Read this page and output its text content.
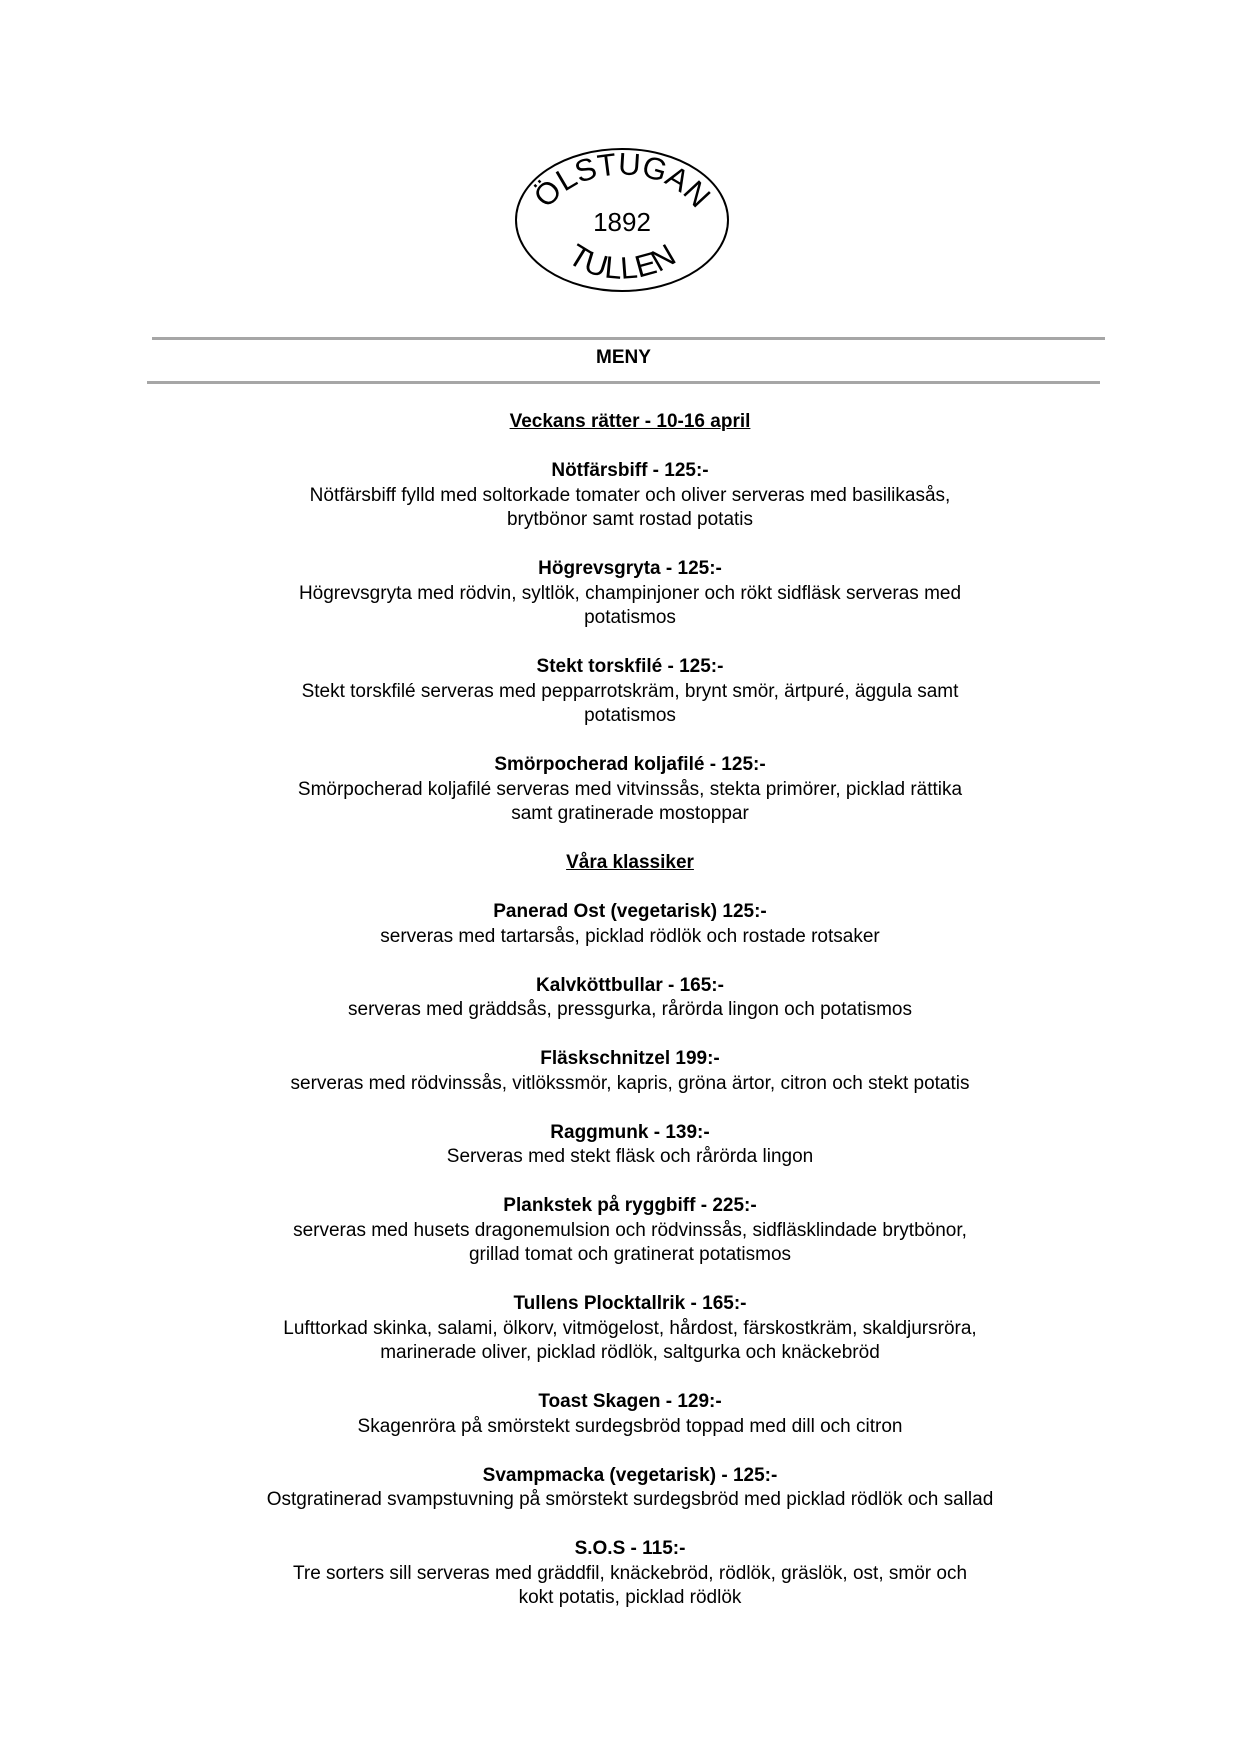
ÖLSTUGAN
1892
TULLEN
MENY
Veckans rätter - 10-16 april
Nötfärsbiff - 125:-
Nötfärsbiff fylld med soltorkade tomater och oliver serveras med basilikasås,
brytbönor samt rostad potatis
Högrevsgryta - 125:-
Högrevsgryta med rödvin, syltlök, champinjoner och rökt sidfläsk serveras med
potatismos
Stekt torskfilé - 125:-
Stekt torskfilé serveras med pepparrotskräm, brynt smör, ärtpuré, äggula samt
potatismos
Smörpocherad koljafilé - 125:-
Smörpocherad koljafilé serveras med vitvinssås, stekta primörer, picklad rättika
samt gratinerade mostoppar
Våra klassiker
Panerad Ost (vegetarisk) 125:-
serveras med tartarsås, picklad rödlök och rostade rotsaker
Kalvköttbullar - 165:-
serveras med gräddsås, pressgurka, rårörda lingon och potatismos
Fläskschnitzel 199:-
serveras med rödvinssås, vitlökssmör, kapris, gröna ärtor, citron och stekt potatis
Raggmunk - 139:-
Serveras med stekt fläsk och rårörda lingon
Plankstek på ryggbiff - 225:-
serveras med husets dragonemulsion och rödvinssås, sidfläsklindade brytbönor,
grillad tomat och gratinerat potatismos
Tullens Plocktallrik - 165:-
Lufttorkad skinka, salami, ölkorv, vitmögelost, hårdost, färskostkräm, skaldjursröra,
marinerade oliver, picklad rödlök, saltgurka och knäckebröd
Toast Skagen - 129:-
Skagenröra på smörstekt surdegsbröd toppad med dill och citron
Svampmacka (vegetarisk) - 125:-
Ostgratinerad svampstuvning på smörstekt surdegsbröd med picklad rödlök och sallad
S.O.S - 115:-
Tre sorters sill serveras med gräddfil, knäckebröd, rödlök, gräslök, ost, smör och
kokt potatis, picklad rödlök
